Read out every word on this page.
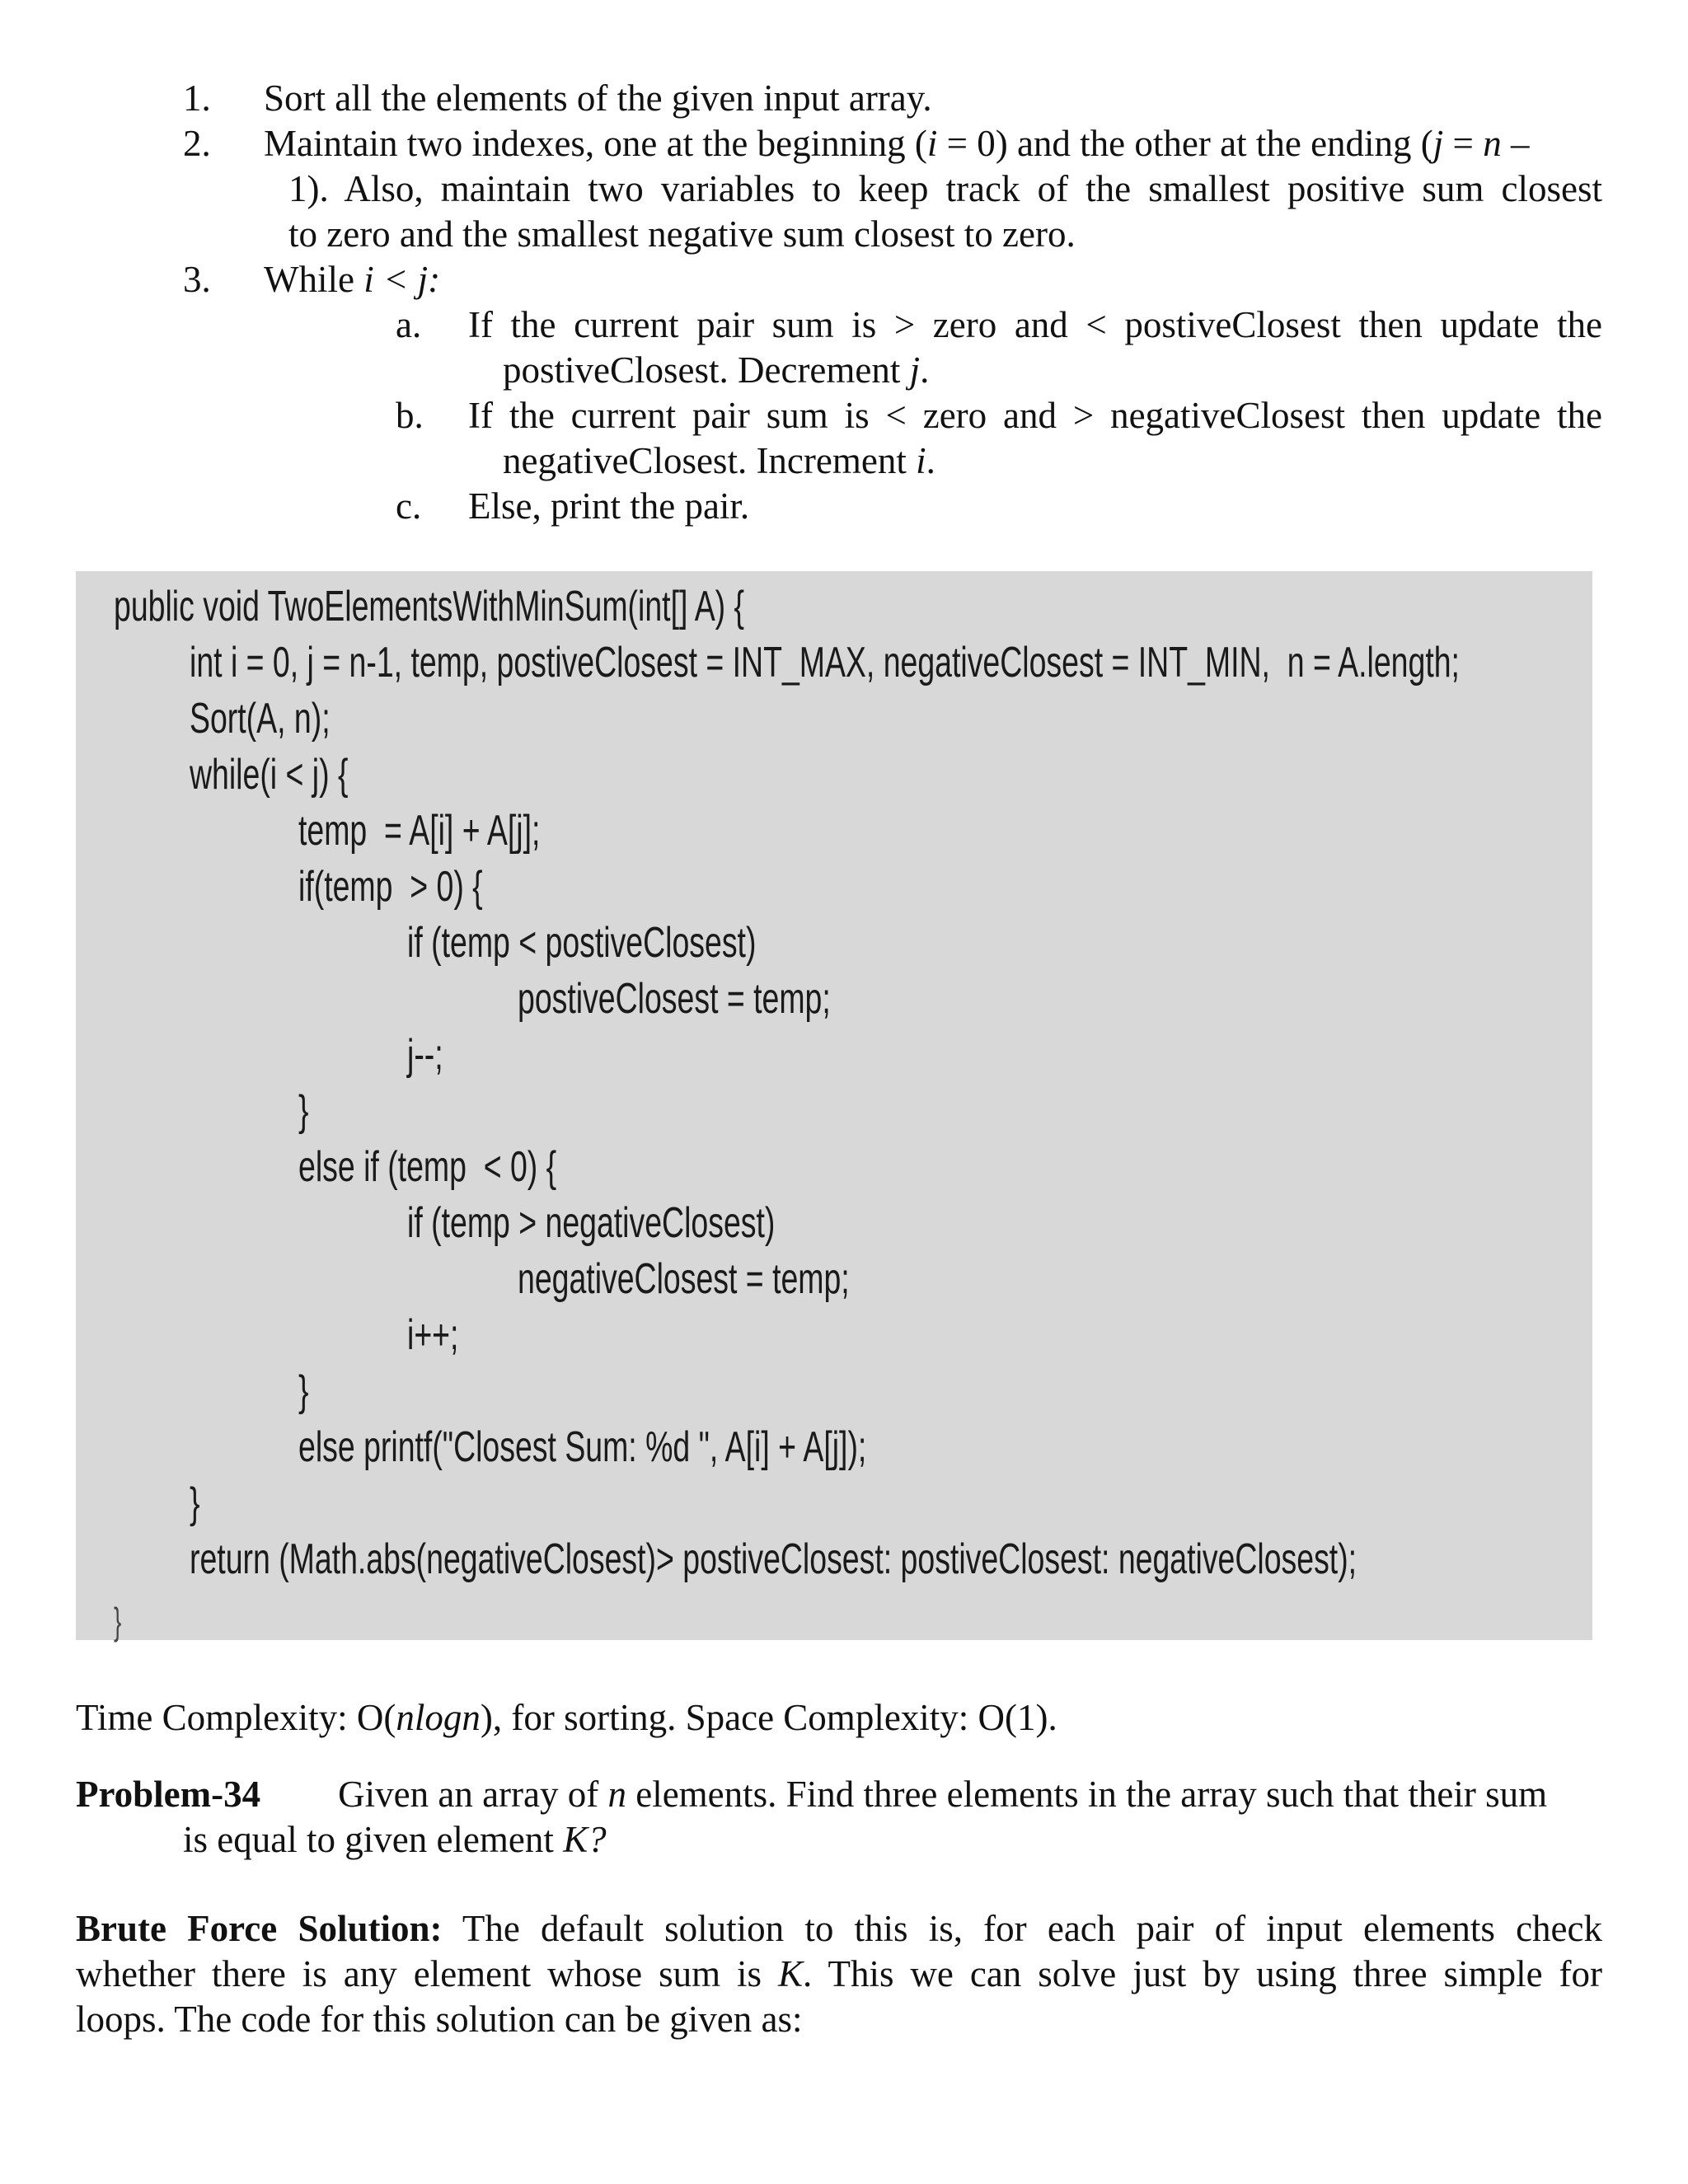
1. Sort all the elements of the given input array.
2. Maintain two indexes, one at the beginning (i = 0) and the other at the ending (j = n –
1). Also, maintain two variables to keep track of the smallest positive sum closest
to zero and the smallest negative sum closest to zero.
3. While i < j:
a. If the current pair sum is > zero and < postiveClosest then update the
postiveClosest. Decrement j.
b. If the current pair sum is < zero and > negativeClosest then update the
negativeClosest. Increment i.
c. Else, print the pair.
public void TwoElementsWithMinSum(int[] A) {
int i = 0, j = n-1, temp, postiveClosest = INT_MAX, negativeClosest = INT_MIN,  n = A.length;
Sort(A, n);
while(i < j) {
temp  = A[i] + A[j];
if(temp  > 0) {
if (temp < postiveClosest)
postiveClosest = temp;
j--;
}
else if (temp  < 0) {
if (temp > negativeClosest)
negativeClosest = temp;
i++;
}
else printf("Closest Sum: %d ", A[i] + A[j]);
}
return (Math.abs(negativeClosest)> postiveClosest: postiveClosest: negativeClosest);
}
Time Complexity: O(nlogn), for sorting. Space Complexity: O(1).
Problem-34 Given an array of n elements. Find three elements in the array such that their sum
is equal to given element K?
Brute Force Solution: The default solution to this is, for each pair of input elements check
whether there is any element whose sum is K. This we can solve just by using three simple for
loops. The code for this solution can be given as:
